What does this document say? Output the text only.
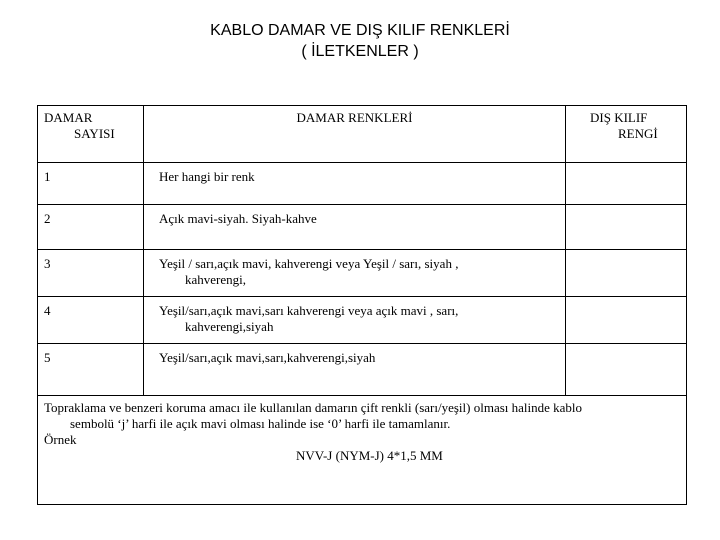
KABLO DAMAR VE DIŞ KILIF RENKLERİ
( İLETKENLER )
DAMAR
SAYISI	DAMAR RENKLERİ	DIŞ KILIF
RENGİ

1	Her hangi bir renk	
2	Açık mavi-siyah. Siyah-kahve	
3	Yeşil / sarı,açık mavi, kahverengi veya Yeşil / sarı, siyah ,
kahverengi,	

4	Yeşil/sarı,açık mavi,sarı kahverengi veya açık mavi , sarı,
kahverengi,siyah	

5	Yeşil/sarı,açık mavi,sarı,kahverengi,siyah	
Topraklama ve benzeri koruma amacı ile kullanılan damarın çift renkli (sarı/yeşil) olması halinde kablo
sembolü ‘j’ harfi ile açık mavi olması halinde ise ‘0’ harfi ile tamamlanır.
Örnek
NVV-J (NYM-J) 4*1,5 MM		
